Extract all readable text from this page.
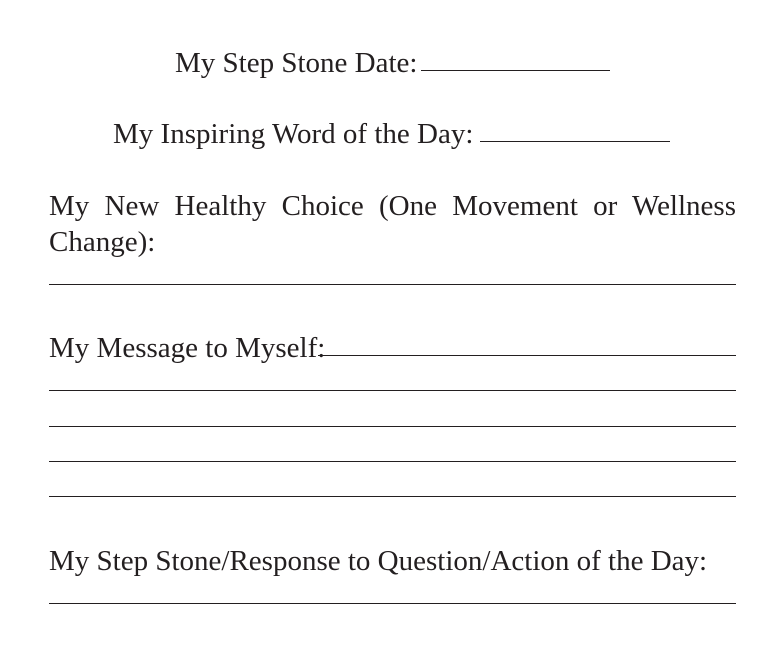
My Step Stone Date:
My Inspiring Word of the Day:
My New Healthy Choice (One Movement or Wellness
Change):
My Message to Myself:
My Step Stone/Response to Question/Action of the Day:
